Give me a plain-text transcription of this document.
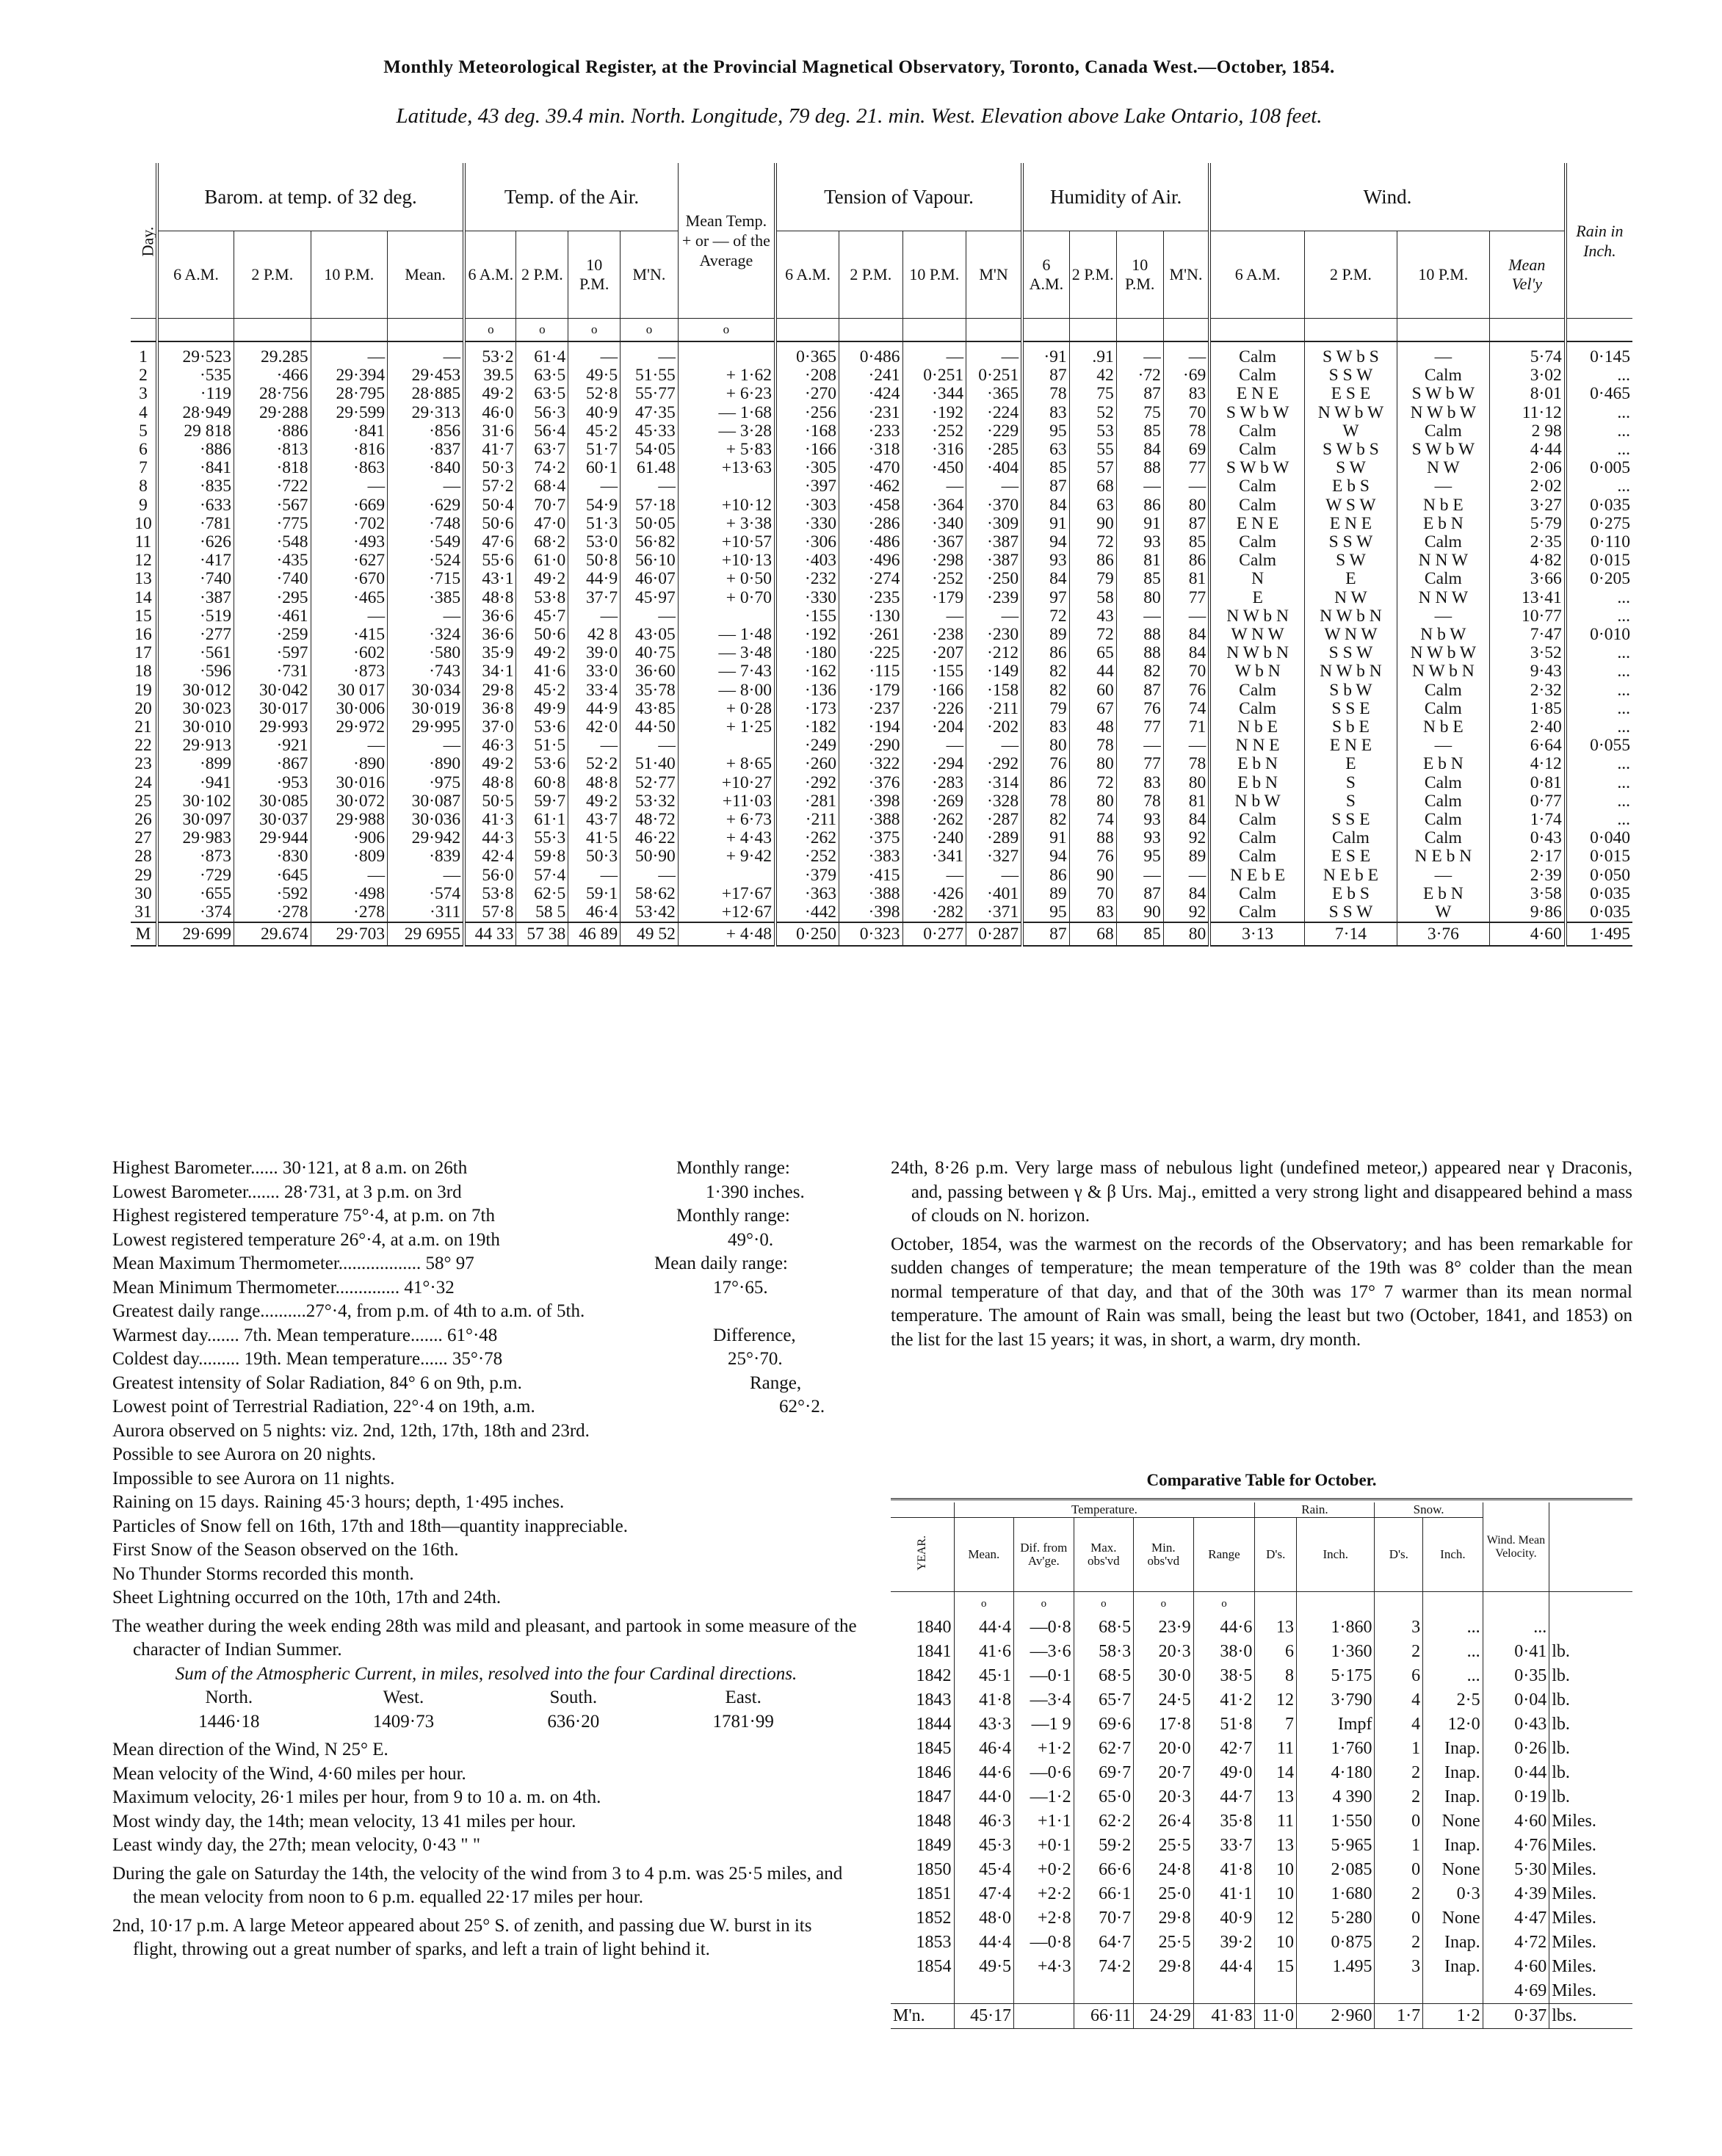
Monthly Meteorological Register, at the Provincial Magnetical Observatory, Toronto, Canada West.—October, 1854.
Latitude, 43 deg. 39.4 min. North. Longitude, 79 deg. 21. min. West. Elevation above Lake Ontario, 108 feet.
Day.	Barom. at temp. of 32 deg.				Temp. of the Air.				Mean Temp. + or — of the Average	Tension of Vapour.				Humidity of Air.				Wind.				Rain in Inch.
	6 A.M.	2 P.M.	10 P.M.	Mean.	6 A.M.	2 P.M.	10 P.M.	M'N.		6 A.M.	2 P.M.	10 P.M.	M'N	6 A.M.	2 P.M.	10 P.M.	M'N.	6 A.M.	2 P.M.	10 P.M.	Mean Vel'y	
					o	o	o	o	o													
1	29·523	29.285	—	—	53·2	61·4	—	—		0·365	0·486	—	—	·91	.91	—	—	Calm	S W b S	—	5·74	0·145
2	·535	·466	29·394	29·453	39.5	63·5	49·5	51·55	+ 1·62	·208	·241	0·251	0·251	87	42	·72	·69	Calm	S S W	Calm	3·02	...
3	·119	28·756	28·795	28·885	49·2	63·5	52·8	55·77	+ 6·23	·270	·424	·344	·365	78	75	87	83	E N E	E S E	S W b W	8·01	0·465
4	28·949	29·288	29·599	29·313	46·0	56·3	40·9	47·35	— 1·68	·256	·231	·192	·224	83	52	75	70	S W b W	N W b W	N W b W	11·12	...
5	29 818	·886	·841	·856	31·6	56·4	45·2	45·33	— 3·28	·168	·233	·252	·229	95	53	85	78	Calm	W	Calm	2 98	...
6	·886	·813	·816	·837	41·7	63·7	51·7	54·05	+ 5·83	·166	·318	·316	·285	63	55	84	69	Calm	S W b S	S W b W	4·44	...
7	·841	·818	·863	·840	50·3	74·2	60·1	61.48	+13·63	·305	·470	·450	·404	85	57	88	77	S W b W	S W	N W	2·06	0·005
8	·835	·722	—	—	57·2	68·4	—	—		·397	·462	—	—	87	68	—	—	Calm	E b S	—	2·02	...
9	·633	·567	·669	·629	50·4	70·7	54·9	57·18	+10·12	·303	·458	·364	·370	84	63	86	80	Calm	W S W	N b E	3·27	0·035
10	·781	·775	·702	·748	50·6	47·0	51·3	50·05	+ 3·38	·330	·286	·340	·309	91	90	91	87	E N E	E N E	E b N	5·79	0·275
11	·626	·548	·493	·549	47·6	68·2	53·0	56·82	+10·57	·306	·486	·367	·387	94	72	93	85	Calm	S S W	Calm	2·35	0·110
12	·417	·435	·627	·524	55·6	61·0	50·8	56·10	+10·13	·403	·496	·298	·387	93	86	81	86	Calm	S W	N N W	4·82	0·015
13	·740	·740	·670	·715	43·1	49·2	44·9	46·07	+ 0·50	·232	·274	·252	·250	84	79	85	81	N	E	Calm	3·66	0·205
14	·387	·295	·465	·385	48·8	53·8	37·7	45·97	+ 0·70	·330	·235	·179	·239	97	58	80	77	E	N W	N N W	13·41	...
15	·519	·461	—	—	36·6	45·7	—	—		·155	·130	—	—	72	43	—	—	N W b N	N W b N	—	10·77	...
16	·277	·259	·415	·324	36·6	50·6	42 8	43·05	— 1·48	·192	·261	·238	·230	89	72	88	84	W N W	W N W	N b W	7·47	0·010
17	·561	·597	·602	·580	35·9	49·2	39·0	40·75	— 3·48	·180	·225	·207	·212	86	65	88	84	N W b N	S S W	N W b W	3·52	...
18	·596	·731	·873	·743	34·1	41·6	33·0	36·60	— 7·43	·162	·115	·155	·149	82	44	82	70	W b N	N W b N	N W b N	9·43	...
19	30·012	30·042	30 017	30·034	29·8	45·2	33·4	35·78	— 8·00	·136	·179	·166	·158	82	60	87	76	Calm	S b W	Calm	2·32	...
20	30·023	30·017	30·006	30·019	36·8	49·9	44·9	43·85	+ 0·28	·173	·237	·226	·211	79	67	76	74	Calm	S S E	Calm	1·85	...
21	30·010	29·993	29·972	29·995	37·0	53·6	42·0	44·50	+ 1·25	·182	·194	·204	·202	83	48	77	71	N b E	S b E	N b E	2·40	...
22	29·913	·921	—	—	46·3	51·5	—	—		·249	·290	—	—	80	78	—	—	N N E	E N E	—	6·64	0·055
23	·899	·867	·890	·890	49·2	53·6	52·2	51·40	+ 8·65	·260	·322	·294	·292	76	80	77	78	E b N	E	E b N	4·12	...
24	·941	·953	30·016	·975	48·8	60·8	48·8	52·77	+10·27	·292	·376	·283	·314	86	72	83	80	E b N	S	Calm	0·81	...
25	30·102	30·085	30·072	30·087	50·5	59·7	49·2	53·32	+11·03	·281	·398	·269	·328	78	80	78	81	N b W	S	Calm	0·77	...
26	30·097	30·037	29·988	30·036	41·3	61·1	43·7	48·72	+ 6·73	·211	·388	·262	·287	82	74	93	84	Calm	S S E	Calm	1·74	...
27	29·983	29·944	·906	29·942	44·3	55·3	41·5	46·22	+ 4·43	·262	·375	·240	·289	91	88	93	92	Calm	Calm	Calm	0·43	0·040
28	·873	·830	·809	·839	42·4	59·8	50·3	50·90	+ 9·42	·252	·383	·341	·327	94	76	95	89	Calm	E S E	N E b N	2·17	0·015
29	·729	·645	—	—	56·0	57·4	—	—		·379	·415	—	—	86	90	—	—	N E b E	N E b E	—	2·39	0·050
30	·655	·592	·498	·574	53·8	62·5	59·1	58·62	+17·67	·363	·388	·426	·401	89	70	87	84	Calm	E b S	E b N	3·58	0·035
31	·374	·278	·278	·311	57·8	58 5	46·4	53·42	+12·67	·442	·398	·282	·371	95	83	90	92	Calm	S S W	W	9·86	0·035
M	29·699	29.674	29·703	29 6955	44 33	57 38	46 89	49 52	+ 4·48	0·250	0·323	0·277	0·287	87	68	85	80	3·13	7·14	3·76	4·60	1·495

Highest Barometer...... 30·121, at 8 a.m. on 26th

Lowest Barometer....... 28·731, at 3 p.m. on 3rd

Monthly range:

1·390 inches.

Highest registered temperature 75°·4, at p.m. on 7th

Lowest registered temperature 26°·4, at a.m. on 19th

Monthly range:

49°·0.

Mean Maximum Thermometer.................. 58° 97

Mean Minimum Thermometer.............. 41°·32

Mean daily range:

17°·65.

Greatest daily range..........27°·4, from p.m. of 4th to a.m. of 5th.

Warmest day....... 7th. Mean temperature....... 61°·48

Coldest day......... 19th. Mean temperature...... 35°·78

Difference,

25°·70.

Greatest intensity of Solar Radiation, 84° 6 on 9th, p.m.

Lowest point of Terrestrial Radiation, 22°·4 on 19th, a.m.

Range,

62°·2.

Aurora observed on 5 nights: viz. 2nd, 12th, 17th, 18th and 23rd.

Possible to see Aurora on 20 nights.

Impossible to see Aurora on 11 nights.

Raining on 15 days. Raining 45·3 hours; depth, 1·495 inches.

Particles of Snow fell on 16th, 17th and 18th—quantity inappreciable.

First Snow of the Season observed on the 16th.

No Thunder Storms recorded this month.

Sheet Lightning occurred on the 10th, 17th and 24th.

The weather during the week ending 28th was mild and pleasant, and partook in some measure of the character of Indian Summer.

Sum of the Atmospheric Current, in miles, resolved into the four Cardinal directions.

North.

1446·18

West.

1409·73

South.

636·20

East.

1781·99

Mean direction of the Wind, N 25° E.

Mean velocity of the Wind, 4·60 miles per hour.

Maximum velocity, 26·1 miles per hour, from 9 to 10 a. m. on 4th.

Most windy day, the 14th; mean velocity, 13 41 miles per hour.

Least windy day, the 27th; mean velocity, 0·43 " "

During the gale on Saturday the 14th, the velocity of the wind from 3 to 4 p.m. was 25·5 miles, and the mean velocity from noon to 6 p.m. equalled 22·17 miles per hour.

2nd, 10·17 p.m. A large Meteor appeared about 25° S. of zenith, and passing due W. burst in its flight, throwing out a great number of sparks, and left a train of light behind it.

24th, 8·26 p.m. Very large mass of nebulous light (undefined meteor,) appeared near γ Draconis, and, passing between γ & β Urs. Maj., emitted a very strong light and disappeared behind a mass of clouds on N. horizon.

October, 1854, was the warmest on the records of the Observatory; and has been remarkable for sudden changes of temperature; the mean temperature of the 19th was 8° colder than the mean normal temperature of that day, and that of the 30th was 17° 7 warmer than its mean normal temperature. The amount of Rain was small, being the least but two (October, 1841, and 1853) on the list for the last 15 years; it was, in short, a warm, dry month.

Comparative Table for October.
	Temperature.					Rain.		Snow.		Wind. Mean Velocity.	
YEAR.	Mean.	Dif. from Av'ge.	Max. obs'vd	Min. obs'vd	Range	D's.	Inch.	D's.	Inch.		
	o	o	o	o	o						
1840	44·4	—0·8	68·5	23·9	44·6	13	1·860	3	...	...	
1841	41·6	—3·6	58·3	20·3	38·0	6	1·360	2	...	0·41	lb.
1842	45·1	—0·1	68·5	30·0	38·5	8	5·175	6	...	0·35	lb.
1843	41·8	—3·4	65·7	24·5	41·2	12	3·790	4	2·5	0·04	lb.
1844	43·3	—1 9	69·6	17·8	51·8	7	Impf	4	12·0	0·43	lb.
1845	46·4	+1·2	62·7	20·0	42·7	11	1·760	1	Inap.	0·26	lb.
1846	44·6	—0·6	69·7	20·7	49·0	14	4·180	2	Inap.	0·44	lb.
1847	44·0	—1·2	65·0	20·3	44·7	13	4 390	2	Inap.	0·19	lb.
1848	46·3	+1·1	62·2	26·4	35·8	11	1·550	0	None	4·60	Miles.
1849	45·3	+0·1	59·2	25·5	33·7	13	5·965	1	Inap.	4·76	Miles.
1850	45·4	+0·2	66·6	24·8	41·8	10	2·085	0	None	5·30	Miles.
1851	47·4	+2·2	66·1	25·0	41·1	10	1·680	2	0·3	4·39	Miles.
1852	48·0	+2·8	70·7	29·8	40·9	12	5·280	0	None	4·47	Miles.
1853	44·4	—0·8	64·7	25·5	39·2	10	0·875	2	Inap.	4·72	Miles.
1854	49·5	+4·3	74·2	29·8	44·4	15	1.495	3	Inap.	4·60	Miles.
										4·69	Miles.
M'n.	45·17		66·11	24·29	41·83	11·0	2·960	1·7	1·2	0·37	lbs.
